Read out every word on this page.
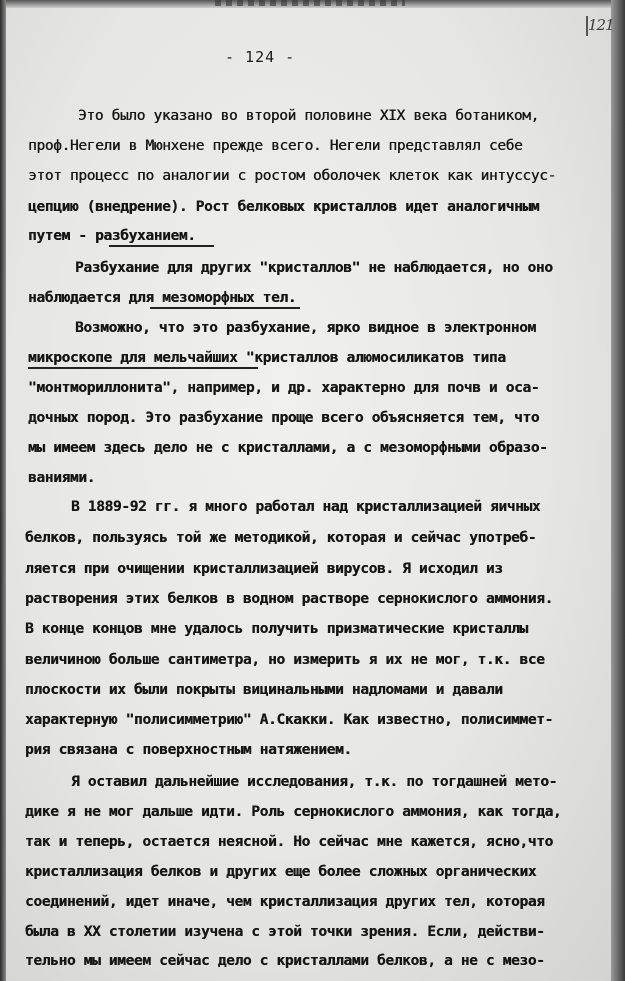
121
- 124 -
Это было указано во второй половине XIX века ботаником,
проф.Негели в Мюнхене прежде всего. Негели представлял себе
этот процесс по аналогии с ростом оболочек клеток как интуссус-
цепцию (внедрение). Рост белковых кристаллов идет аналогичным
путем - разбуханием.
Разбухание для других "кристаллов" не наблюдается, но оно
наблюдается для мезоморфных тел.
Возможно, что это разбухание, ярко видное в электронном
микроскопе для мельчайших "кристаллов алюмосиликатов типа
"монтмориллонита", например, и др. характерно для почв и оса-
дочных пород. Это разбухание проще всего объясняется тем, что
мы имеем здесь дело не с кристаллами, а с мезоморфными образо-
ваниями.
В 1889-92 гг. я много работал над кристаллизацией яичных
белков, пользуясь той же методикой, которая и сейчас употреб-
ляется при очищении кристаллизацией вирусов. Я исходил из
растворения этих белков в водном растворе сернокислого аммония.
В конце концов мне удалось получить призматические кристаллы
величиною больше сантиметра, но измерить я их не мог, т.к. все
плоскости их были покрыты вицинальными надломами и давали
характерную "полисимметрию" А.Скакки. Как известно, полисиммет-
рия связана с поверхностным натяжением.
Я оставил дальнейшие исследования, т.к. по тогдашней мето-
дике я не мог дальше идти. Роль сернокислого аммония, как тогда,
так и теперь, остается неясной. Но сейчас мне кажется, ясно,что
кристаллизация белков и других еще более сложных органических
соединений, идет иначе, чем кристаллизация других тел, которая
была в XX столетии изучена с этой точки зрения. Если, действи-
тельно мы имеем сейчас дело с кристаллами белков, а не с мезо-
